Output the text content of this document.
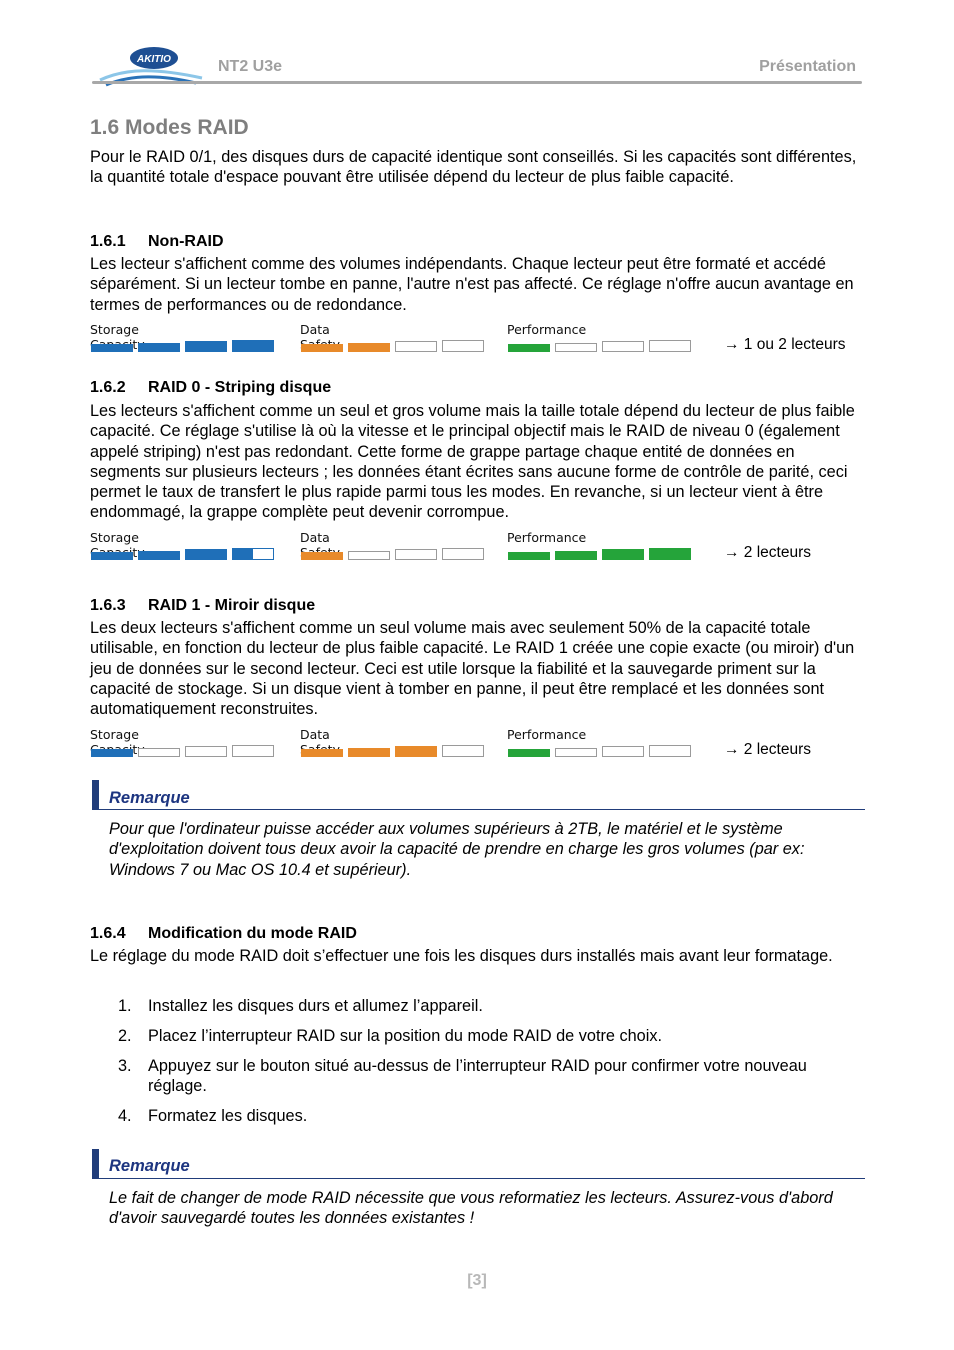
AKITIO	NT2 U3e	Présentation
1.6 Modes RAID
Pour le RAID 0/1, des disques durs de capacité identique sont conseillés. Si les capacités sont différentes, la quantité totale d'espace pouvant être utilisée dépend du lecteur de plus faible capacité.
1.6.1 Non-RAID
Les lecteur s'affichent comme des volumes indépendants. Chaque lecteur peut être formaté et accédé séparément. Si un lecteur tombe en panne, l'autre n'est pas affecté. Ce réglage n'offre aucun avantage en termes de performances ou de redondance.
Storage	Data	Performance
→ 1 ou 2 lecteurs
1.6.2 RAID 0 - Striping disque
Les lecteurs s'affichent comme un seul et gros volume mais la taille totale dépend du lecteur de plus faible capacité. Ce réglage s'utilise là où la vitesse et le principal objectif mais le RAID de niveau 0 (également appelé striping) n'est pas redondant. Cette forme de grappe partage chaque entité de données en segments sur plusieurs lecteurs ; les données étant écrites sans aucune forme de contrôle de parité, ceci permet le taux de transfert le plus rapide parmi tous les modes. En revanche, si un lecteur vient à être endommagé, la grappe complète peut devenir corrompue.
Storage	Data	Performance
→ 2 lecteurs
1.6.3 RAID 1 - Miroir disque
Les deux lecteurs s'affichent comme un seul volume mais avec seulement 50% de la capacité totale utilisable, en fonction du lecteur de plus faible capacité. Le RAID 1 crééе une copie exacte (ou miroir) d'un jeu de données sur le second lecteur. Ceci est utile lorsque la fiabilité et la sauvegarde priment sur la capacité de stockage. Si un disque vient à tomber en panne, il peut être remplacé et les données sont automatiquement reconstruites.
Storage	Data	Performance
→ 2 lecteurs
Remarque
Pour que l'ordinateur puisse accéder aux volumes supérieurs à 2TB, le matériel et le système d'exploitation doivent tous deux avoir la capacité de prendre en charge les gros volumes (par ex: Windows 7 ou Mac OS 10.4 et supérieur).
1.6.4 Modification du mode RAID
Le réglage du mode RAID doit s’effectuer une fois les disques durs installés mais avant leur formatage.
1. Installez les disques durs et allumez l’appareil.
2. Placez l’interrupteur RAID sur la position du mode RAID de votre choix.
3. Appuyez sur le bouton situé au-dessus de l’interrupteur RAID pour confirmer votre nouveau réglage.
4. Formatez les disques.
Remarque
Le fait de changer de mode RAID nécessite que vous reformatiez les lecteurs. Assurez-vous d'abord d'avoir sauvegardé toutes les données existantes !
[3]
